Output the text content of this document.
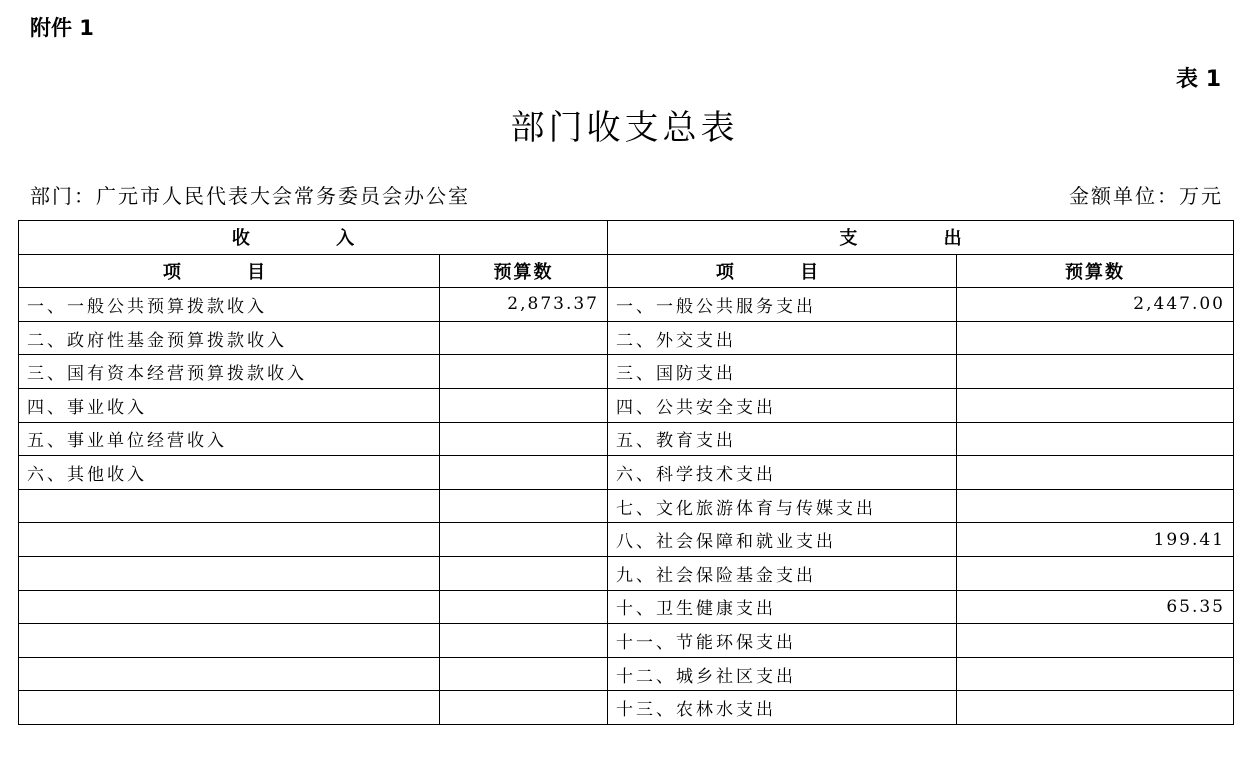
附件 1
表 1
部门收支总表
部门：广元市人民代表大会常务委员会办公室	金额单位：万元
收 入		支 出	
项 目	预算数	项 目	预算数
一、一般公共预算拨款收入	2,873.37	一、一般公共服务支出	2,447.00
二、政府性基金预算拨款收入		二、外交支出	
三、国有资本经营预算拨款收入		三、国防支出	
四、事业收入		四、公共安全支出	
五、事业单位经营收入		五、教育支出	
六、其他收入		六、科学技术支出	
		七、文化旅游体育与传媒支出	
		八、社会保障和就业支出	199.41
		九、社会保险基金支出	
		十、卫生健康支出	65.35
		十一、节能环保支出	
		十二、城乡社区支出	
		十三、农林水支出	
